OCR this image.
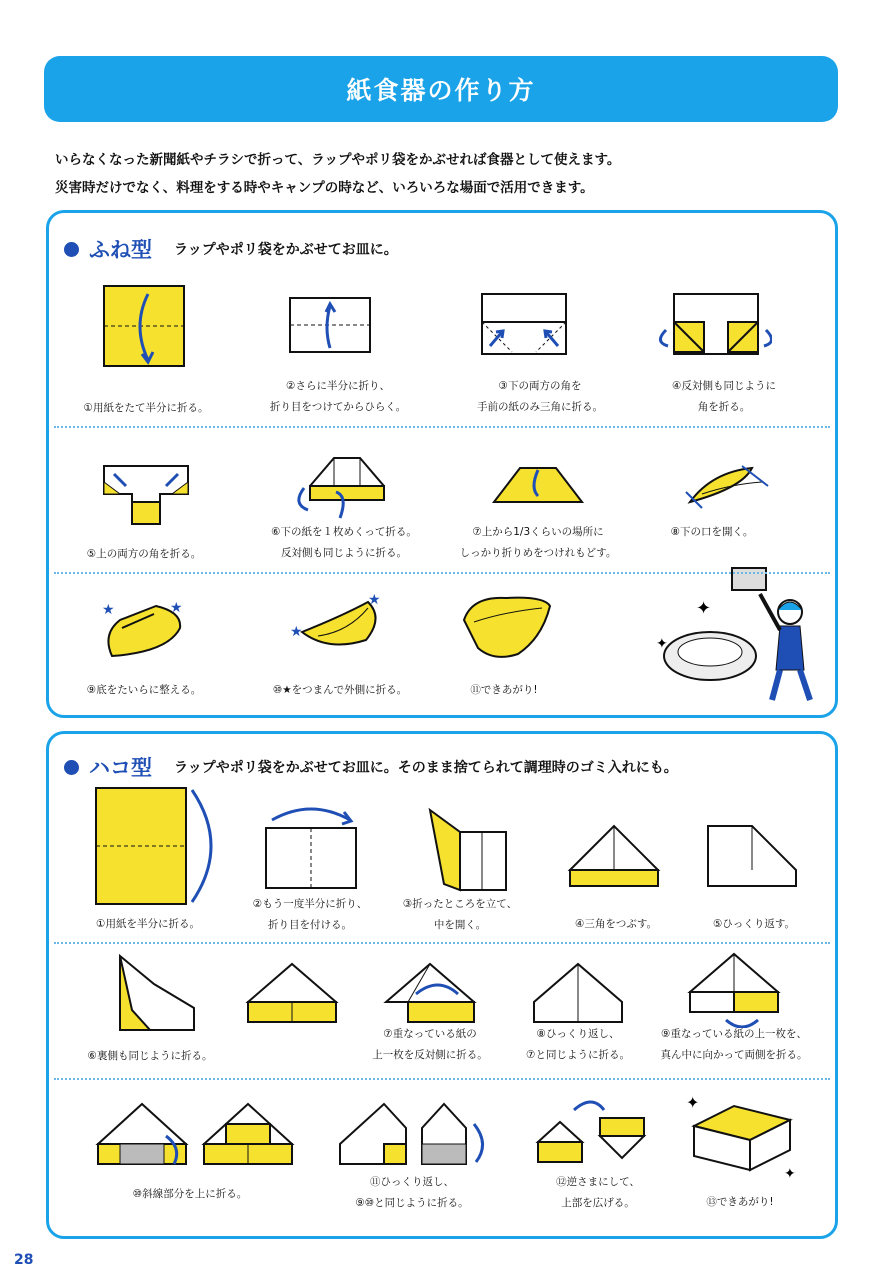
紙食器の作り方
いらなくなった新聞紙やチラシで折って、ラップやポリ袋をかぶせれば食器として使えます。
災害時だけでなく、料理をする時やキャンプの時など、いろいろな場面で活用できます。
ふね型 ラップやポリ袋をかぶせてお皿に。
★	★
★
★	✦
✦
①用紙をたて半分に折る。
②さらに半分に折り、
折り目をつけてからひらく。
③下の両方の角を
手前の紙のみ三角に折る。
④反対側も同じように
角を折る。
⑤上の両方の角を折る。
⑥下の紙を１枚めくって折る。
反対側も同じように折る。
⑦上から1/3くらいの場所に
しっかり折りめをつけれもどす。
⑧下の口を開く。
⑨底をたいらに整える。	⑩★をつまんで外側に折る。	⑪できあがり!
ハコ型 ラップやポリ袋をかぶせてお皿に。そのまま捨てられて調理時のゴミ入れにも。
✦
✦
①用紙を半分に折る。
②もう一度半分に折り、
折り目を付ける。
③折ったところを立て、
中を開く。	④三角をつぶす。	⑤ひっくり返す。
⑥裏側も同じように折る。
⑦重なっている紙の
上一枚を反対側に折る。
⑧ひっくり返し、
⑦と同じように折る。
⑨重なっている紙の上一枚を、
真ん中に向かって両側を折る。
⑩斜線部分を上に折る。
⑪ひっくり返し、
⑨⑩と同じように折る。
⑫逆さまにして、
上部を広げる。	⑬できあがり!
28
